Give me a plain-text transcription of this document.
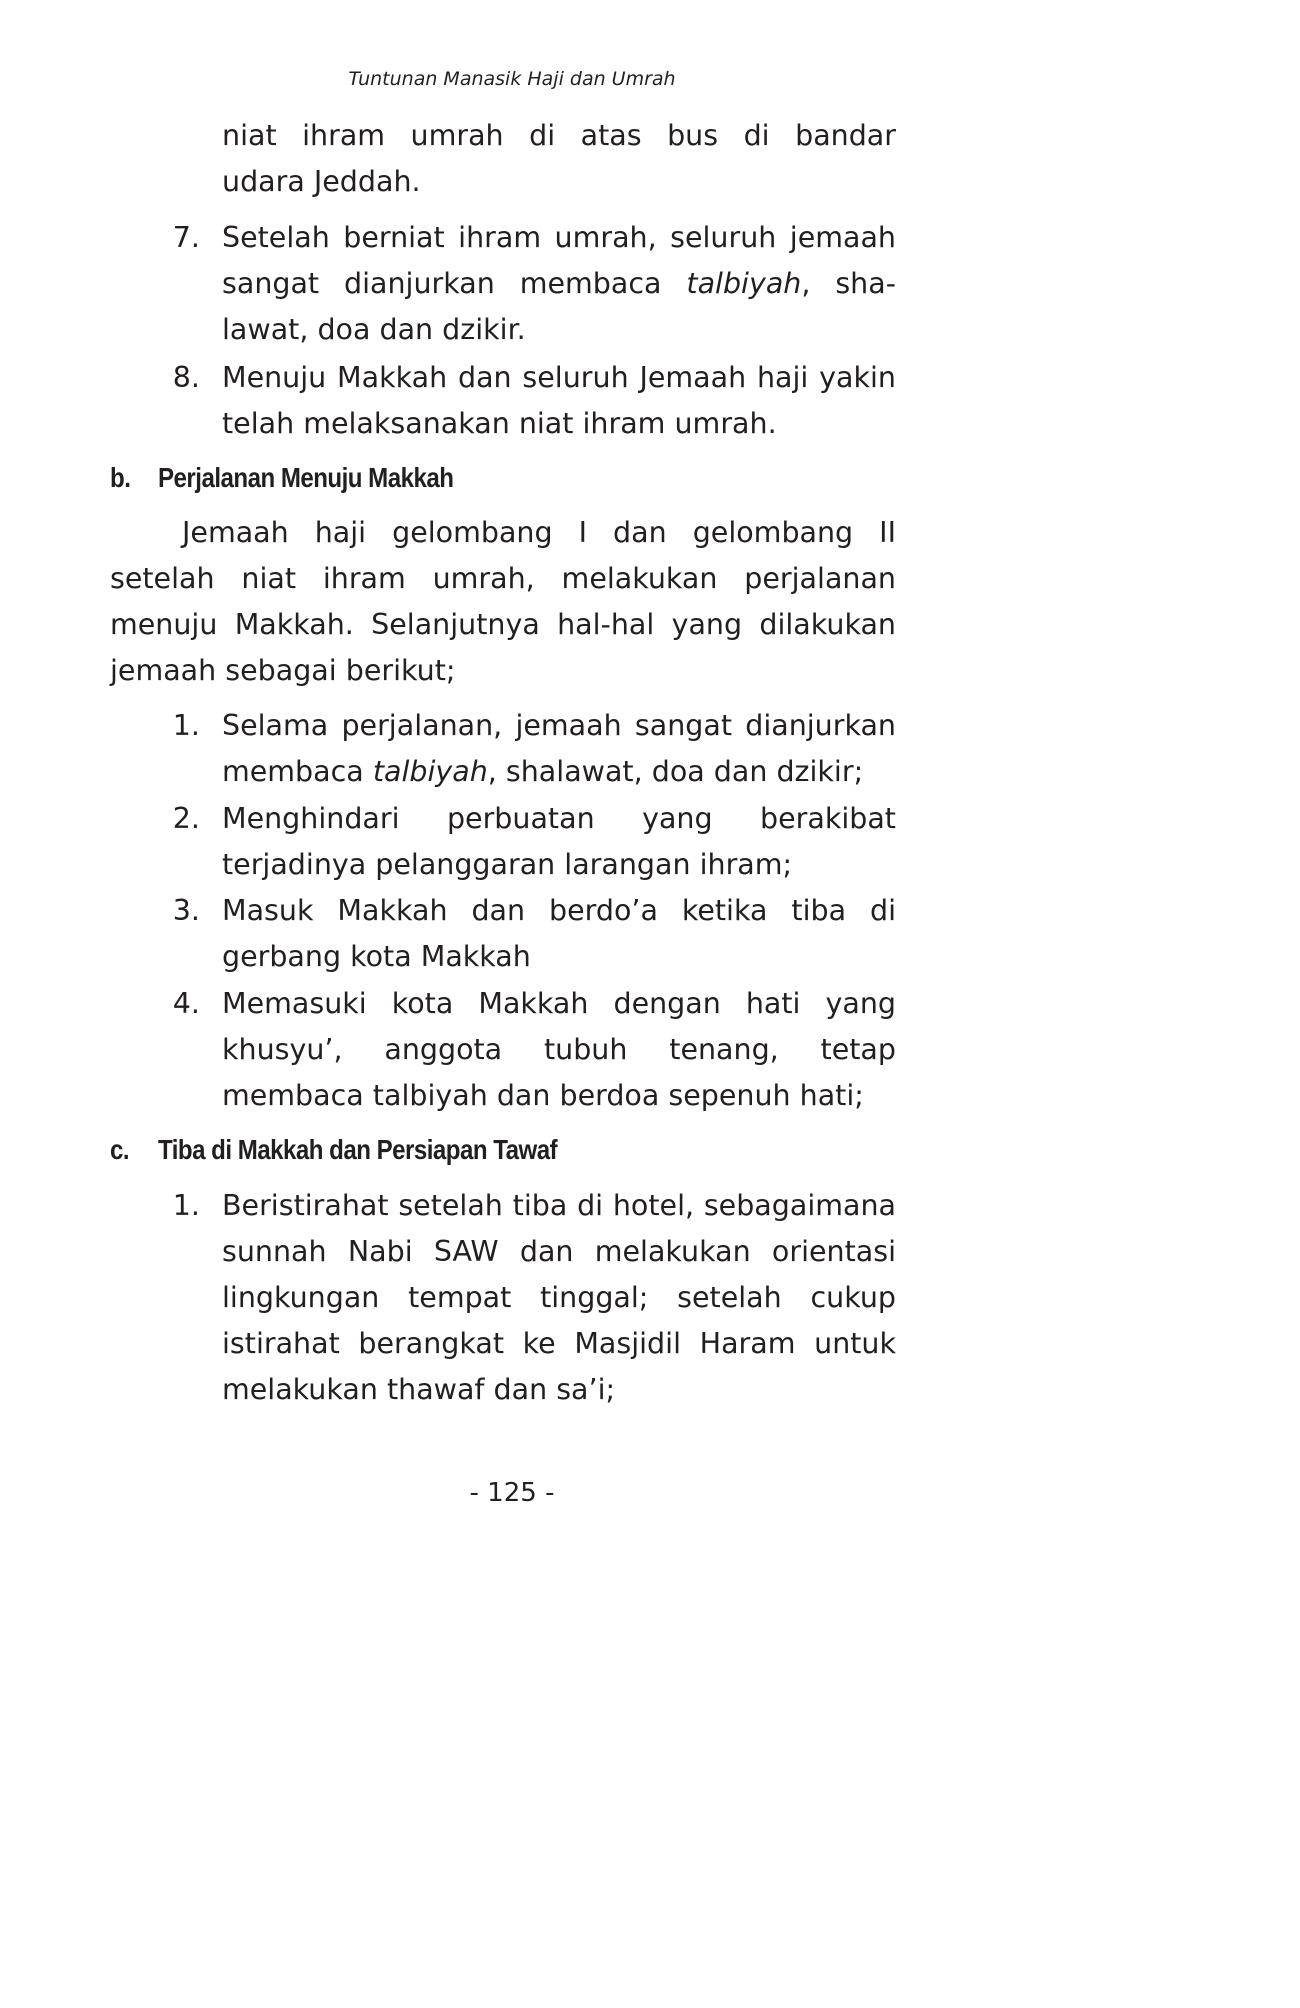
Tuntunan Manasik Haji dan Umrah
niat ihram umrah di atas bus di bandar
udara Jeddah.
7. Setelah berniat ihram umrah, seluruh jemaah sangat dianjurkan membaca talbiyah, sha-lawat, doa dan dzikir.
8. Menuju Makkah dan seluruh Jemaah haji yakin telah melaksanakan niat ihram umrah.
b. Perjalanan Menuju Makkah
Jemaah haji gelombang I dan gelombang II setelah niat ihram umrah, melakukan perjalanan menuju Makkah. Selanjutnya hal-hal yang dilakukan jemaah sebagai berikut;
1. Selama perjalanan, jemaah sangat dianjurkan membaca talbiyah, shalawat, doa dan dzikir;
2. Menghindari perbuatan yang berakibat terjadinya pelanggaran larangan ihram;
3. Masuk Makkah dan berdo’a ketika tiba di gerbang kota Makkah
4. Memasuki kota Makkah dengan hati yang khusyu’, anggota tubuh tenang, tetap membaca talbiyah dan berdoa sepenuh hati;
c. Tiba di Makkah dan Persiapan Tawaf
1. Beristirahat setelah tiba di hotel, sebagaimana sunnah Nabi SAW dan melakukan orientasi lingkungan tempat tinggal; setelah cukup istirahat berangkat ke Masjidil Haram untuk melakukan thawaf dan sa’i;
- 125 -
